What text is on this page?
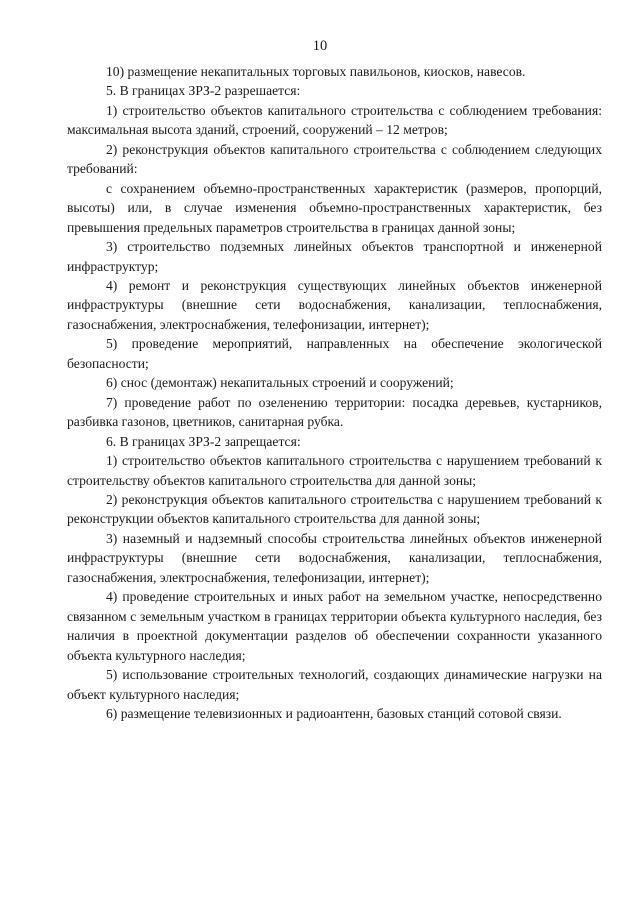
10

10) размещение некапитальных торговых павильонов, киосков, навесов.

5. В границах ЗРЗ-2 разрешается:

1) строительство объектов капитального строительства с соблюдением требования: максимальная высота зданий, строений, сооружений – 12 метров;

2) реконструкция объектов капитального строительства с соблюдением следующих требований:

с сохранением объемно-пространственных характеристик (размеров, пропорций, высоты) или, в случае изменения объемно-пространственных характеристик, без превышения предельных параметров строительства в границах данной зоны;

3) строительство подземных линейных объектов транспортной и инженерной инфраструктур;

4) ремонт и реконструкция существующих линейных объектов инженерной инфраструктуры (внешние сети водоснабжения, канализации, теплоснабжения, газоснабжения, электроснабжения, телефонизации, интернет);

5) проведение мероприятий, направленных на обеспечение экологической безопасности;

6) снос (демонтаж) некапитальных строений и сооружений;

7) проведение работ по озеленению территории: посадка деревьев, кустарников, разбивка газонов, цветников, санитарная рубка.

6. В границах ЗРЗ-2 запрещается:

1) строительство объектов капитального строительства с нарушением требований к строительству объектов капитального строительства для данной зоны;

2) реконструкция объектов капитального строительства с нарушением требований к реконструкции объектов капитального строительства для данной зоны;

3) наземный и надземный способы строительства линейных объектов инженерной инфраструктуры (внешние сети водоснабжения, канализации, теплоснабжения, газоснабжения, электроснабжения, телефонизации, интернет);

4) проведение строительных и иных работ на земельном участке, непосредственно связанном с земельным участком в границах территории объекта культурного наследия, без наличия в проектной документации разделов об обеспечении сохранности указанного объекта культурного наследия;

5) использование строительных технологий, создающих динамические нагрузки на объект культурного наследия;

6) размещение телевизионных и радиоантенн, базовых станций сотовой связи.
